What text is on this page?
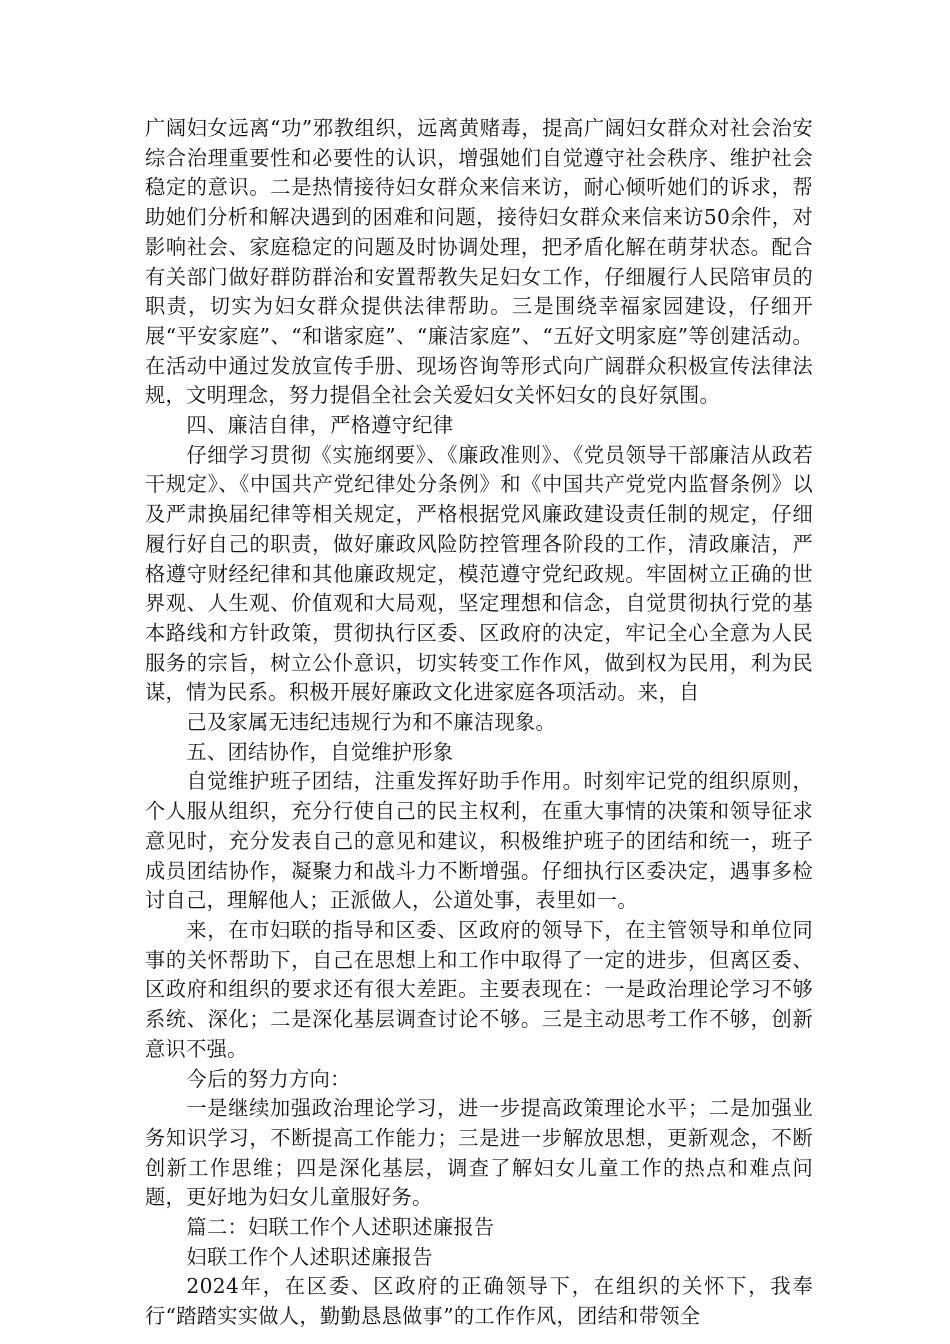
广阔妇女远离“功”邪教组织，远离黄赌毒，提高广阔妇女群众对社会治安综合治理重要性和必要性的认识，增强她们自觉遵守社会秩序、维护社会稳定的意识。二是热情接待妇女群众来信来访，耐心倾听她们的诉求，帮助她们分析和解决遇到的困难和问题，接待妇女群众来信来访50余件，对影响社会、家庭稳定的问题及时协调处理，把矛盾化解在萌芽状态。配合有关部门做好群防群治和安置帮教失足妇女工作，仔细履行人民陪审员的职责，切实为妇女群众提供法律帮助。三是围绕幸福家园建设，仔细开展“平安家庭”、“和谐家庭”、“廉洁家庭”、“五好文明家庭”等创建活动。在活动中通过发放宣传手册、现场咨询等形式向广阔群众积极宣传法律法规，文明理念，努力提倡全社会关爱妇女关怀妇女的良好氛围。

四、廉洁自律，严格遵守纪律

仔细学习贯彻《实施纲要》、《廉政准则》、《党员领导干部廉洁从政若干规定》、《中国共产党纪律处分条例》和《中国共产党党内监督条例》以及严肃换届纪律等相关规定，严格根据党风廉政建设责任制的规定，仔细履行好自己的职责，做好廉政风险防控管理各阶段的工作，清政廉洁，严格遵守财经纪律和其他廉政规定，模范遵守党纪政规。牢固树立正确的世界观、人生观、价值观和大局观，坚定理想和信念，自觉贯彻执行党的基本路线和方针政策，贯彻执行区委、区政府的决定，牢记全心全意为人民服务的宗旨，树立公仆意识，切实转变工作作风，做到权为民用，利为民谋，情为民系。积极开展好廉政文化进家庭各项活动。来，自

己及家属无违纪违规行为和不廉洁现象。

五、团结协作，自觉维护形象

自觉维护班子团结，注重发挥好助手作用。时刻牢记党的组织原则，个人服从组织，充分行使自己的民主权利，在重大事情的决策和领导征求意见时，充分发表自己的意见和建议，积极维护班子的团结和统一，班子成员团结协作，凝聚力和战斗力不断增强。仔细执行区委决定，遇事多检讨自己，理解他人；正派做人，公道处事，表里如一。

来，在市妇联的指导和区委、区政府的领导下，在主管领导和单位同事的关怀帮助下，自己在思想上和工作中取得了一定的进步，但离区委、区政府和组织的要求还有很大差距。主要表现在：一是政治理论学习不够系统、深化；二是深化基层调查讨论不够。三是主动思考工作不够，创新意识不强。

今后的努力方向：

一是继续加强政治理论学习，进一步提高政策理论水平；二是加强业务知识学习，不断提高工作能力；三是进一步解放思想，更新观念，不断创新工作思维；四是深化基层，调查了解妇女儿童工作的热点和难点问题，更好地为妇女儿童服好务。

篇二：妇联工作个人述职述廉报告

妇联工作个人述职述廉报告

2024年，在区委、区政府的正确领导下，在组织的关怀下，我奉行“踏踏实实做人，勤勤恳恳做事”的工作作风，团结和带领全
